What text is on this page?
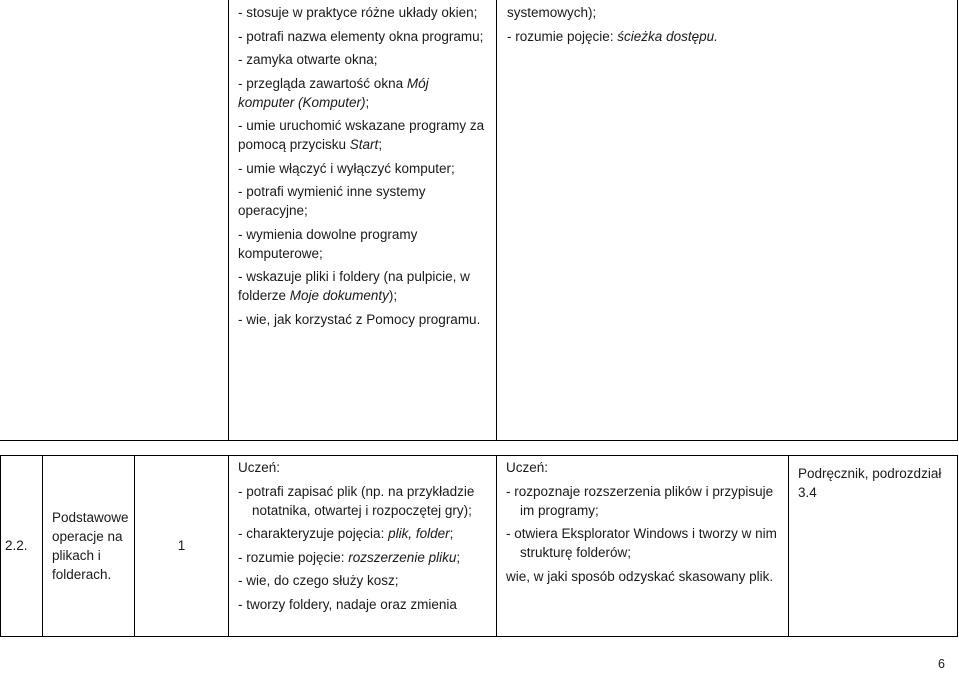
- stosuje w praktyce różne układy okien;
- potrafi nazwa elementy okna programu;
- zamyka otwarte okna;
- przegląda zawartość okna Mój komputer (Komputer);
- umie uruchomić wskazane programy za pomocą przycisku Start;
- umie włączyć i wyłączyć komputer;
- potrafi wymienić inne systemy operacyjne;
- wymienia dowolne programy komputerowe;
- wskazuje pliki i foldery (na pulpicie, w folderze Moje dokumenty);
- wie, jak korzystać z Pomocy programu.
systemowych);
- rozumie pojęcie: ścieżka dostępu.
2.2.
Podstawowe operacje na plikach i folderach.
1
Uczeń:
- potrafi zapisać plik (np. na przykładzie notatnika, otwartej i rozpoczętej gry);
- charakteryzuje pojęcia: plik, folder;
- rozumie pojęcie: rozszerzenie pliku;
- wie, do czego służy kosz;
- tworzy foldery, nadaje oraz zmienia
Uczeń:
- rozpoznaje rozszerzenia plików i przypisuje im programy;
- otwiera Eksplorator Windows i tworzy w nim strukturę folderów;
wie, w jaki sposób odzyskać skasowany plik.
Podręcznik, podrozdział 3.4
6
